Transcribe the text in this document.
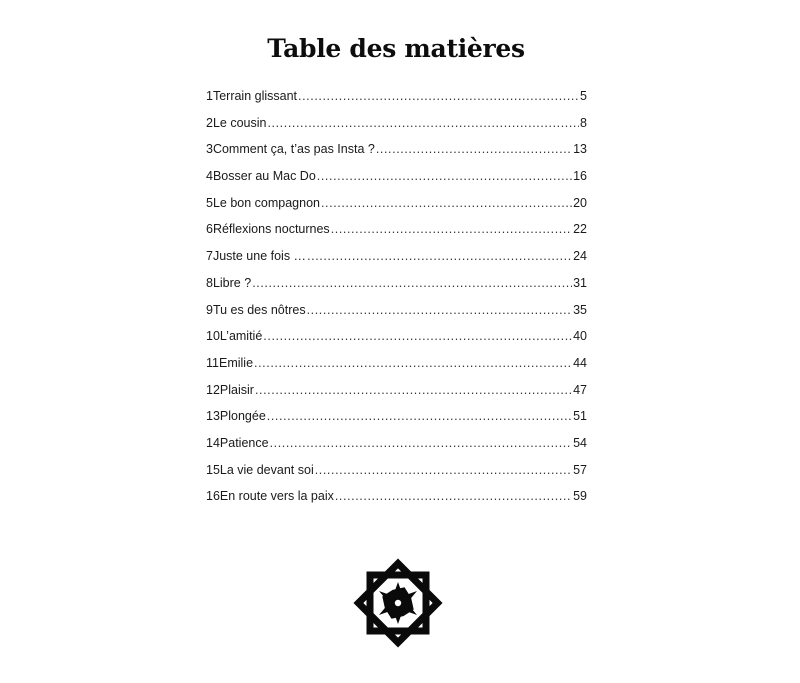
Table des matières
1 Terrain glissant .....	5
2 Le cousin .....	8
3 Comment ça, t’as pas Insta ? .....	13
4 Bosser au Mac Do .....	16
5 Le bon compagnon .....	20
6 Réflexions nocturnes .....	22
7 Juste une fois … .....	24
8 Libre ? .....	31
9 Tu es des nôtres .....	35
10 L’amitié .....	40
11 Emilie .....	44
12 Plaisir .....	47
13 Plongée .....	51
14 Patience .....	54
15 La vie devant soi .....	57
16 En route vers la paix .....	59
